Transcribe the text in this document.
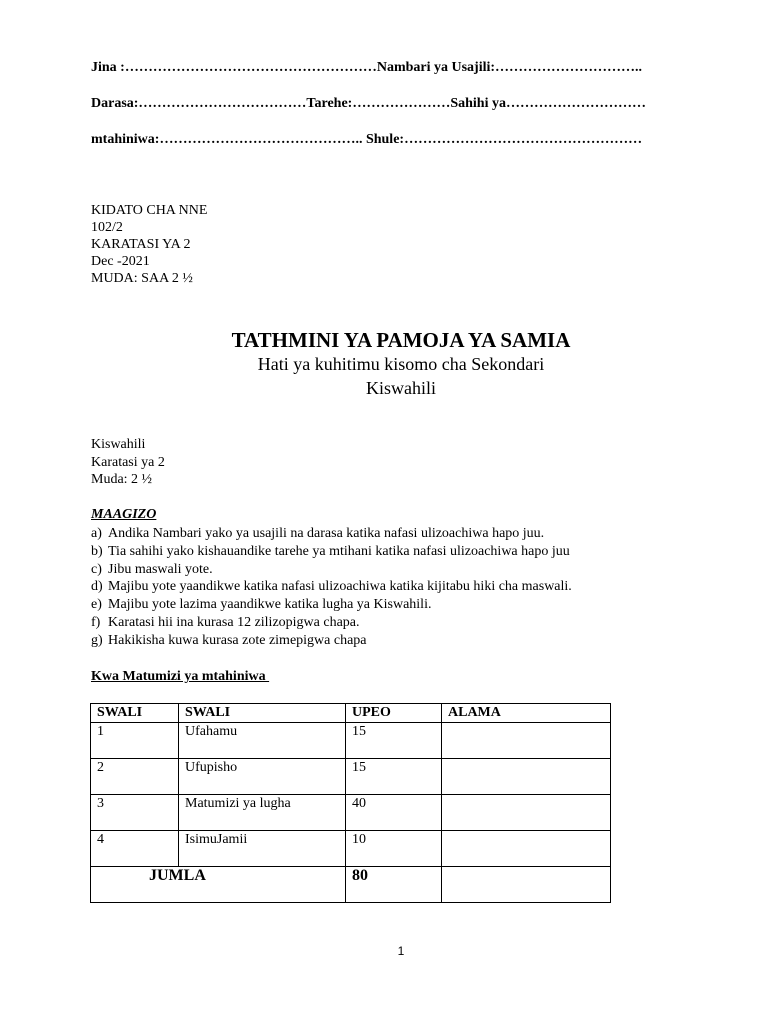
Jina :………………………………………………Nambari ya Usajili:…………………………..
Darasa:………………………………Tarehe:…………………Sahihi ya…………………………
mtahiniwa:…………………………………….. Shule:……………………………………………
KIDATO CHA NNE
102/2
KARATASI YA 2
Dec -2021
MUDA: SAA 2 ½
TATHMINI YA PAMOJA YA SAMIA
Hati ya kuhitimu kisomo cha Sekondari
Kiswahili
Kiswahili
Karatasi ya 2
Muda: 2 ½
MAAGIZO
a) Andika Nambari yako ya usajili na darasa katika nafasi ulizoachiwa hapo juu.
b) Tia sahihi yako kishauandike tarehe ya mtihani katika nafasi ulizoachiwa hapo juu
c) Jibu maswali yote.
d) Majibu yote yaandikwe katika nafasi ulizoachiwa katika kijitabu hiki cha maswali.
e) Majibu yote lazima yaandikwe katika lugha ya Kiswahili.
f) Karatasi hii ina kurasa 12 zilizopigwa chapa.
g) Hakikisha kuwa kurasa zote zimepigwa chapa
Kwa Matumizi ya mtahiniwa
SWALI	SWALI	UPEO	ALAMA
1	Ufahamu	15	
2	Ufupisho	15	
3	Matumizi ya lugha	40	
4	IsimuJamii	10	
JUMLA		80	
1
